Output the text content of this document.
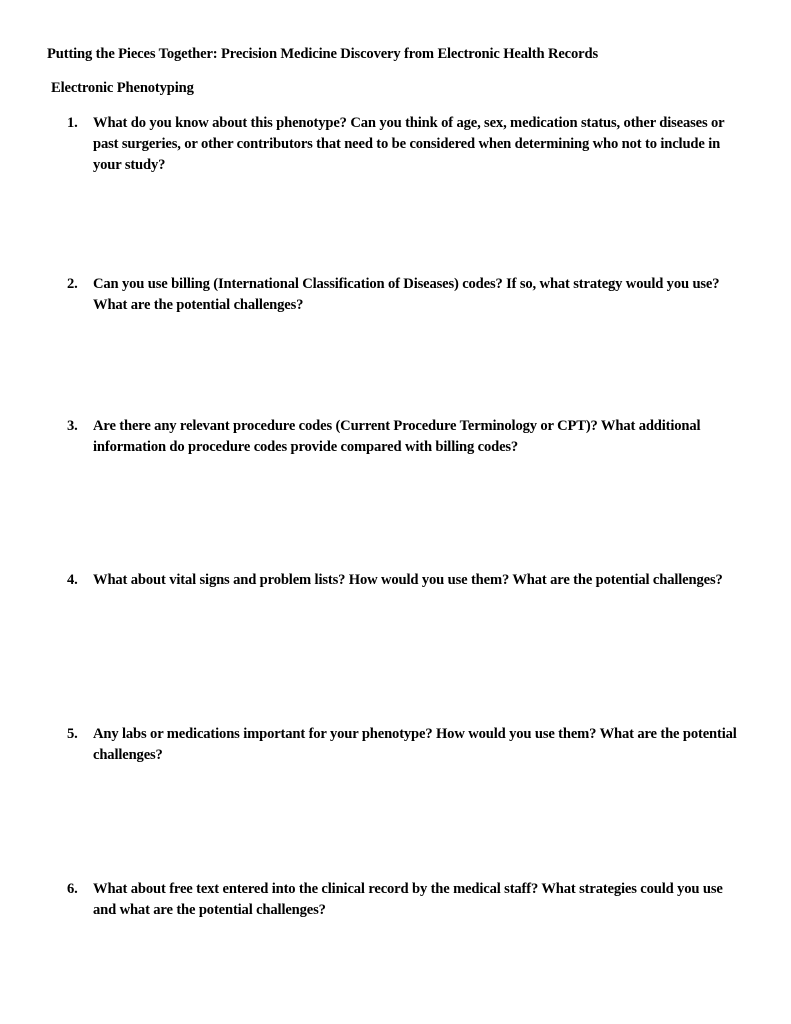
Putting the Pieces Together: Precision Medicine Discovery from Electronic Health Records
Electronic Phenotyping
1.	What do you know about this phenotype? Can you think of age, sex, medication status, other diseases or past surgeries, or other contributors that need to be considered when determining who not to include in your study?
2.	Can you use billing (International Classification of Diseases) codes? If so, what strategy would you use? What are the potential challenges?
3.	Are there any relevant procedure codes (Current Procedure Terminology or CPT)? What additional information do procedure codes provide compared with billing codes?
4.	What about vital signs and problem lists? How would you use them? What are the potential challenges?
5.	Any labs or medications important for your phenotype? How would you use them? What are the potential challenges?
6.	What about free text entered into the clinical record by the medical staff? What strategies could you use and what are the potential challenges?
